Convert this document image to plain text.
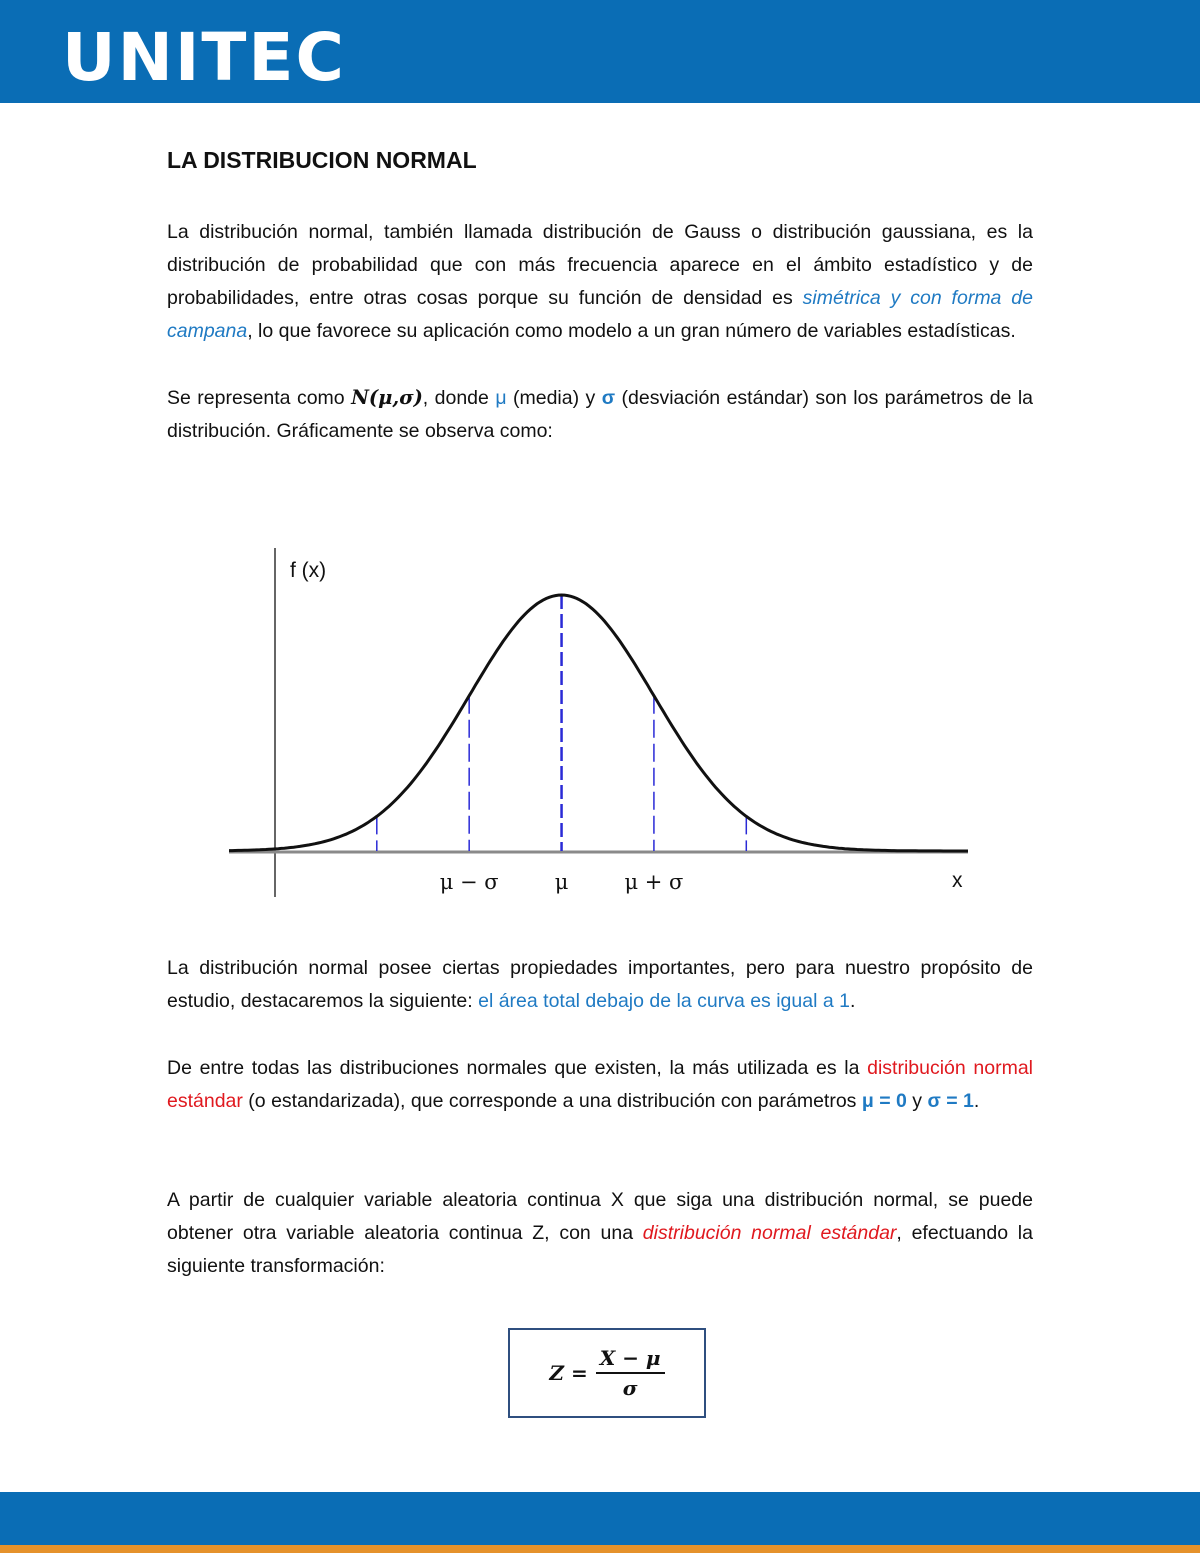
UNITEC
LA DISTRIBUCION NORMAL

La distribución normal, también llamada distribución de Gauss o distribución gaussiana, es la distribución de probabilidad que con más frecuencia aparece en el ámbito estadístico y de probabilidades, entre otras cosas porque su función de densidad es simétrica y con forma de campana, lo que favorece su aplicación como modelo a un gran número de variables estadísticas.

Se representa como N(μ,σ), donde μ (media) y σ (desviación estándar) son los parámetros de la distribución. Gráficamente se observa como:

f (x)
x
μ − σ	μ	μ + σ

La distribución normal posee ciertas propiedades importantes, pero para nuestro propósito de estudio, destacaremos la siguiente: el área total debajo de la curva es igual a 1.

De entre todas las distribuciones normales que existen, la más utilizada es la distribución normal estándar (o estandarizada), que corresponde a una distribución con parámetros μ = 0 y σ = 1.

A partir de cualquier variable aleatoria continua X que siga una distribución normal, se puede obtener otra variable aleatoria continua Z, con una distribución normal estándar, efectuando la siguiente transformación:

$Z = \frac{X - \mu}{\sigma}$
